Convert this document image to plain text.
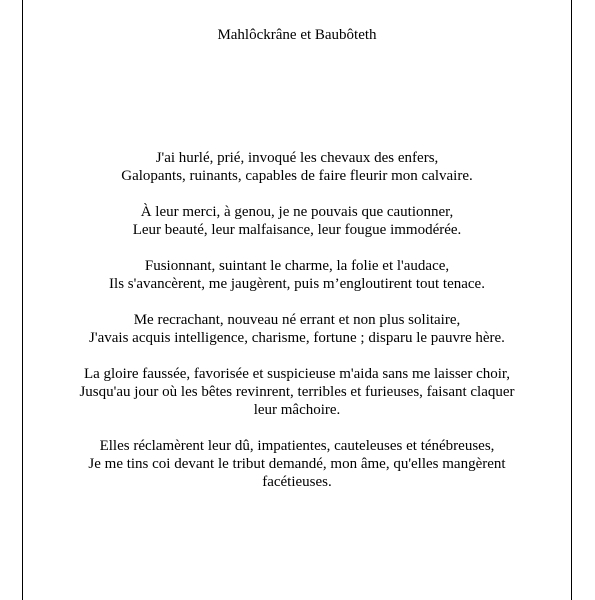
Mahlôckrâne et Baubôteth
J'ai hurlé, prié, invoqué les chevaux des enfers,
Galopants, ruinants, capables de faire fleurir mon calvaire.
À leur merci, à genou, je ne pouvais que cautionner,
Leur beauté, leur malfaisance, leur fougue immodérée.
Fusionnant, suintant le charme, la folie et l'audace,
Ils s'avancèrent, me jaugèrent, puis m’engloutirent tout tenace.
Me recrachant, nouveau né errant et non plus solitaire,
J'avais acquis intelligence, charisme, fortune ; disparu le pauvre hère.
La gloire faussée, favorisée et suspicieuse m'aida sans me laisser choir,
Jusqu'au jour où les bêtes revinrent, terribles et furieuses, faisant claquer
leur mâchoire.
Elles réclamèrent leur dû, impatientes, cauteleuses et ténébreuses,
Je me tins coi devant le tribut demandé, mon âme, qu'elles mangèrent
facétieuses.
